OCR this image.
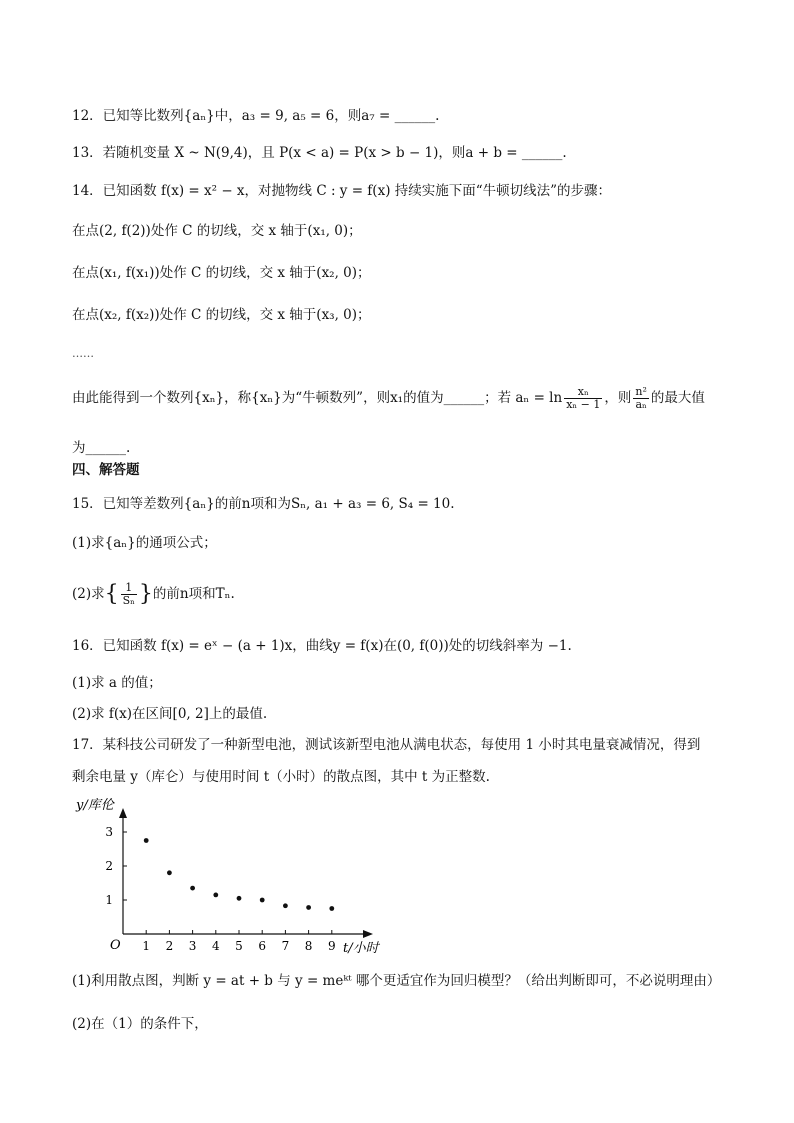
12．已知等比数列{aₙ}中，a₃ = 9, a₅ = 6，则a₇ = ______.
13．若随机变量 X ~ N(9,4)，且 P(x < a) = P(x > b − 1)，则a + b = ______.
14．已知函数 f(x) = x² − x，对抛物线 C : y = f(x) 持续实施下面“牛顿切线法”的步骤：
在点(2, f(2))处作 C 的切线，交 x 轴于(x₁, 0)；
在点(x₁, f(x₁))处作 C 的切线，交 x 轴于(x₂, 0)；
在点(x₂, f(x₂))处作 C 的切线，交 x 轴于(x₃, 0)；
……
由此能得到一个数列{xₙ}，称{xₙ}为“牛顿数列”，则x₁的值为______；若 $a_n = \ln \frac{\text{xₙ}}{\text{xₙ − 1}}$ ，则 $\frac{\text{n²}}{\text{aₙ}}$ 的最大值
为______.
四、解答题
15．已知等差数列{aₙ}的前n项和为Sₙ, a₁ + a₃ = 6, S₄ = 10.
(1)求{aₙ}的通项公式；
(2)求{ $\frac{1}{\text{Sₙ}}$ }的前n项和Tₙ.
16．已知函数 f(x) = eˣ − (a + 1)x，曲线y = f(x)在(0, f(0))处的切线斜率为 −1.
(1)求 a 的值；
(2)求 f(x)在区间[0, 2]上的最值.
17．某科技公司研发了一种新型电池，测试该新型电池从满电状态，每使用 1 小时其电量衰减情况，得到
剩余电量 y（库仑）与使用时间 t（小时）的散点图，其中 t 为正整数.
1 2 3 4 5 6 7 8 9
1
2
3
y/库伦
t/小时
O
(1)利用散点图，判断 y = at + b 与 y = meᵏᵗ 哪个更适宜作为回归模型？（给出判断即可，不必说明理由）
(2)在（1）的条件下，
